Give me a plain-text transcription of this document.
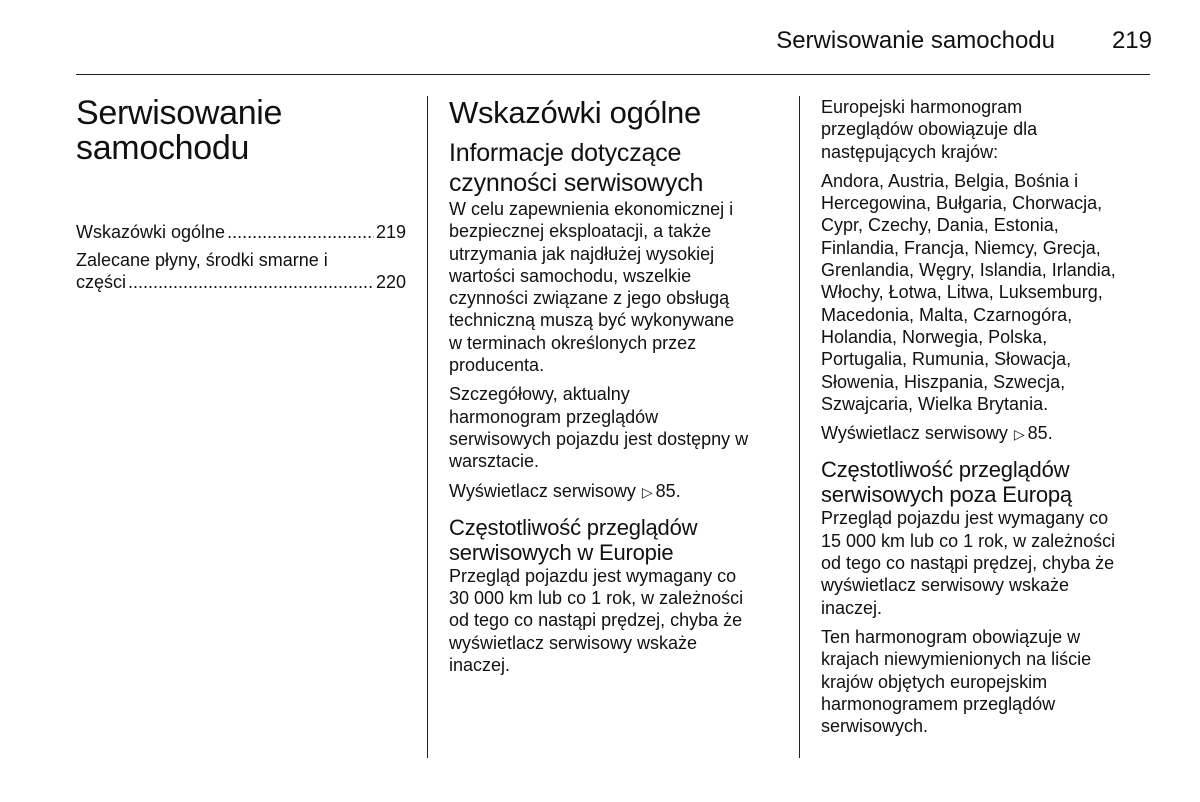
Serwisowanie samochodu 219
Serwisowanie
samochodu
Wskazówki ogólne .....	219
Zalecane płyny, środki smarne i
części .....	220
Wskazówki ogólne
Informacje dotyczące
czynności serwisowych

W celu zapewnienia ekonomicznej i
bezpiecznej eksploatacji, a także
utrzymania jak najdłużej wysokiej
wartości samochodu, wszelkie
czynności związane z jego obsługą
techniczną muszą być wykonywane
w terminach określonych przez
producenta.

Szczegółowy, aktualny
harmonogram przeglądów
serwisowych pojazdu jest dostępny w
warsztacie.

Wyświetlacz serwisowy ▷ 85.

Częstotliwość przeglądów
serwisowych w Europie

Przegląd pojazdu jest wymagany co
30 000 km lub co 1 rok, w zależności
od tego co nastąpi prędzej, chyba że
wyświetlacz serwisowy wskaże
inaczej.

Europejski harmonogram
przeglądów obowiązuje dla
następujących krajów:

Andora, Austria, Belgia, Bośnia i
Hercegowina, Bułgaria, Chorwacja,
Cypr, Czechy, Dania, Estonia,
Finlandia, Francja, Niemcy, Grecja,
Grenlandia, Węgry, Islandia, Irlandia,
Włochy, Łotwa, Litwa, Luksemburg,
Macedonia, Malta, Czarnogóra,
Holandia, Norwegia, Polska,
Portugalia, Rumunia, Słowacja,
Słowenia, Hiszpania, Szwecja,
Szwajcaria, Wielka Brytania.

Wyświetlacz serwisowy ▷ 85.

Częstotliwość przeglądów
serwisowych poza Europą

Przegląd pojazdu jest wymagany co
15 000 km lub co 1 rok, w zależności
od tego co nastąpi prędzej, chyba że
wyświetlacz serwisowy wskaże
inaczej.

Ten harmonogram obowiązuje w
krajach niewymienionych na liście
krajów objętych europejskim
harmonogramem przeglądów
serwisowych.
